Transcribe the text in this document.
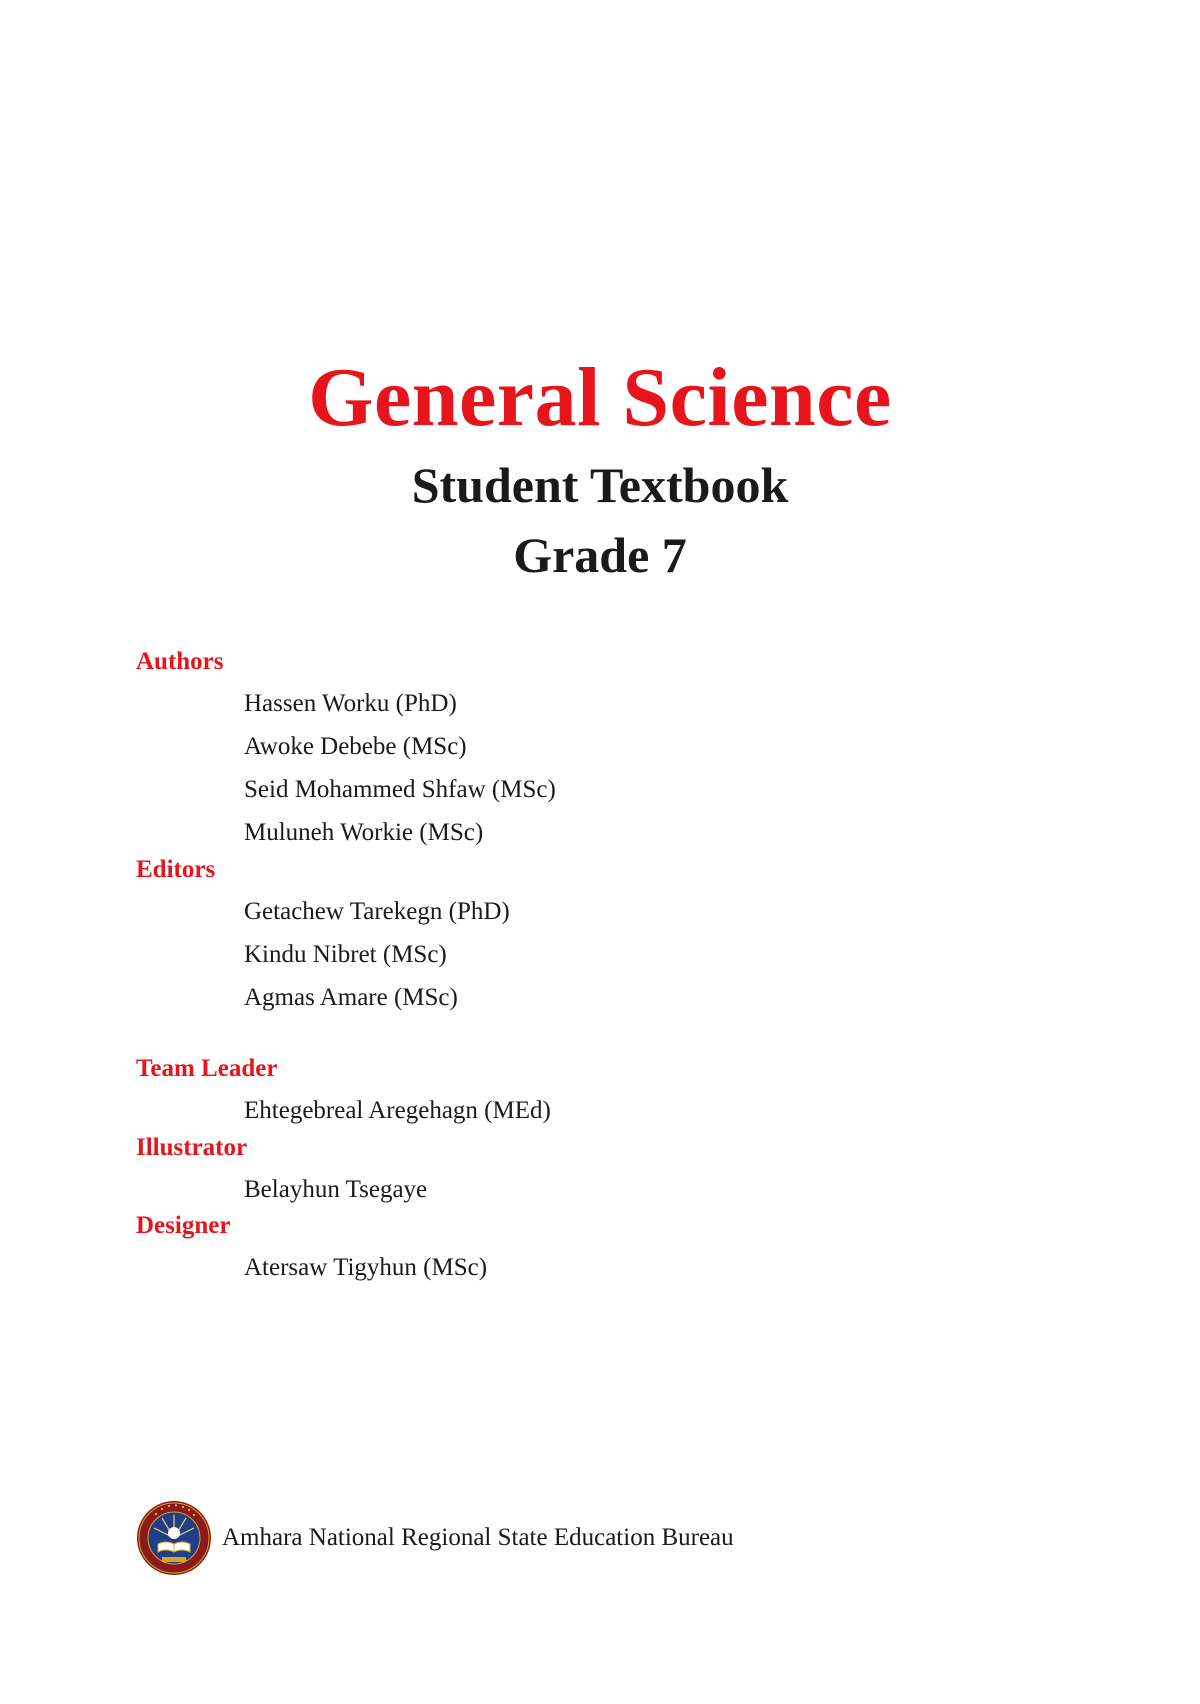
General Science
Student Textbook
Grade 7
Authors
Hassen Worku (PhD)
Awoke Debebe (MSc)
Seid Mohammed Shfaw (MSc)
Muluneh Workie (MSc)
Editors
Getachew Tarekegn (PhD)
Kindu Nibret (MSc)
Agmas Amare (MSc)
Team Leader
Ehtegebreal Aregehagn (MEd)
Illustrator
Belayhun Tsegaye
Designer
Atersaw Tigyhun (MSc)
Amhara National Regional State Education Bureau
